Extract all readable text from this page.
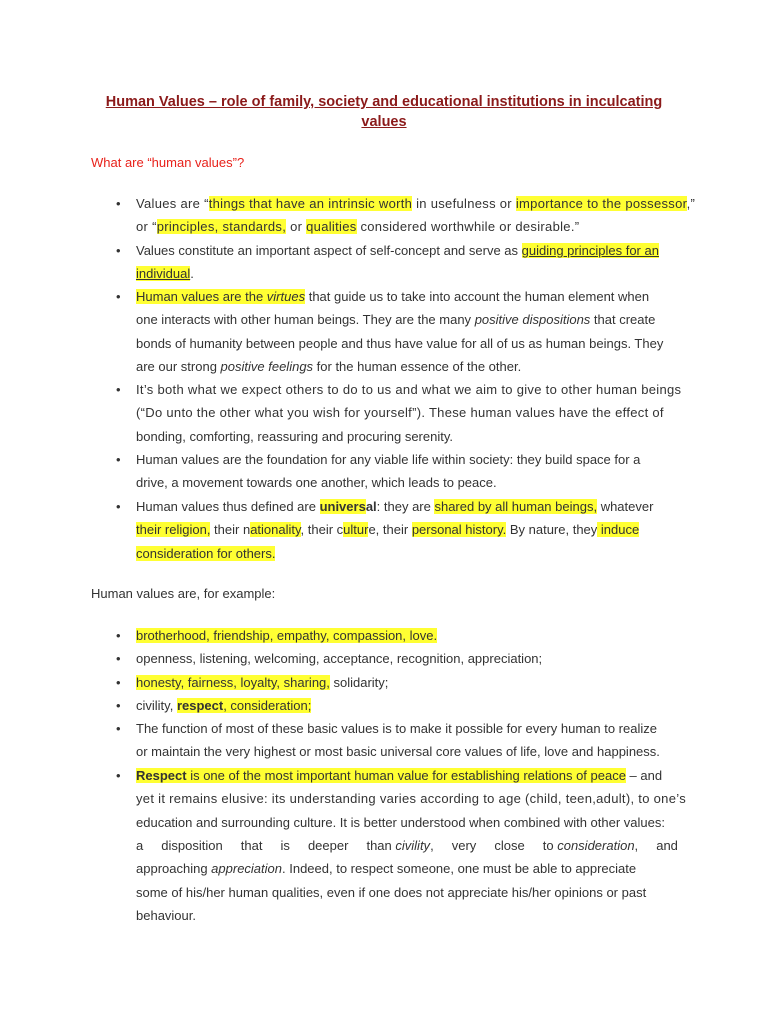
Human Values – role of family, society and educational institutions in inculcating
values
What are “human values”?
• Values are “things that have an intrinsic worth in usefulness or importance to the possessor,”
or “principles, standards, or qualities considered worthwhile or desirable.”
• Values constitute an important aspect of self-concept and serve as guiding principles for an
individual.
• Human values are the virtues that guide us to take into account the human element when
one interacts with other human beings. They are the many positive dispositions that create
bonds of humanity between people and thus have value for all of us as human beings. They
are our strong positive feelings for the human essence of the other.
• It’s both what we expect others to do to us and what we aim to give to other human beings
(“Do unto the other what you wish for yourself”). These human values have the effect of
bonding, comforting, reassuring and procuring serenity.
• Human values are the foundation for any viable life within society: they build space for a
drive, a movement towards one another, which leads to peace.
• Human values thus defined are universal: they are shared by all human beings, whatever
their religion, their nationality, their culture, their personal history. By nature, they induce
consideration for others.
Human values are, for example:
• brotherhood, friendship, empathy, compassion, love.
• openness, listening, welcoming, acceptance, recognition, appreciation;
• honesty, fairness, loyalty, sharing, solidarity;
• civility, respect, consideration;
• The function of most of these basic values is to make it possible for every human to realize
or maintain the very highest or most basic universal core values of life, love and happiness.
• Respect is one of the most important human value for establishing relations of peace – and
yet it remains elusive: its understanding varies according to age (child, teen,adult), to one’s
education and surrounding culture. It is better understood when combined with other values:
a disposition that is deeper than civility, very close to consideration, and
approaching appreciation. Indeed, to respect someone, one must be able to appreciate
some of his/her human qualities, even if one does not appreciate his/her opinions or past
behaviour.
